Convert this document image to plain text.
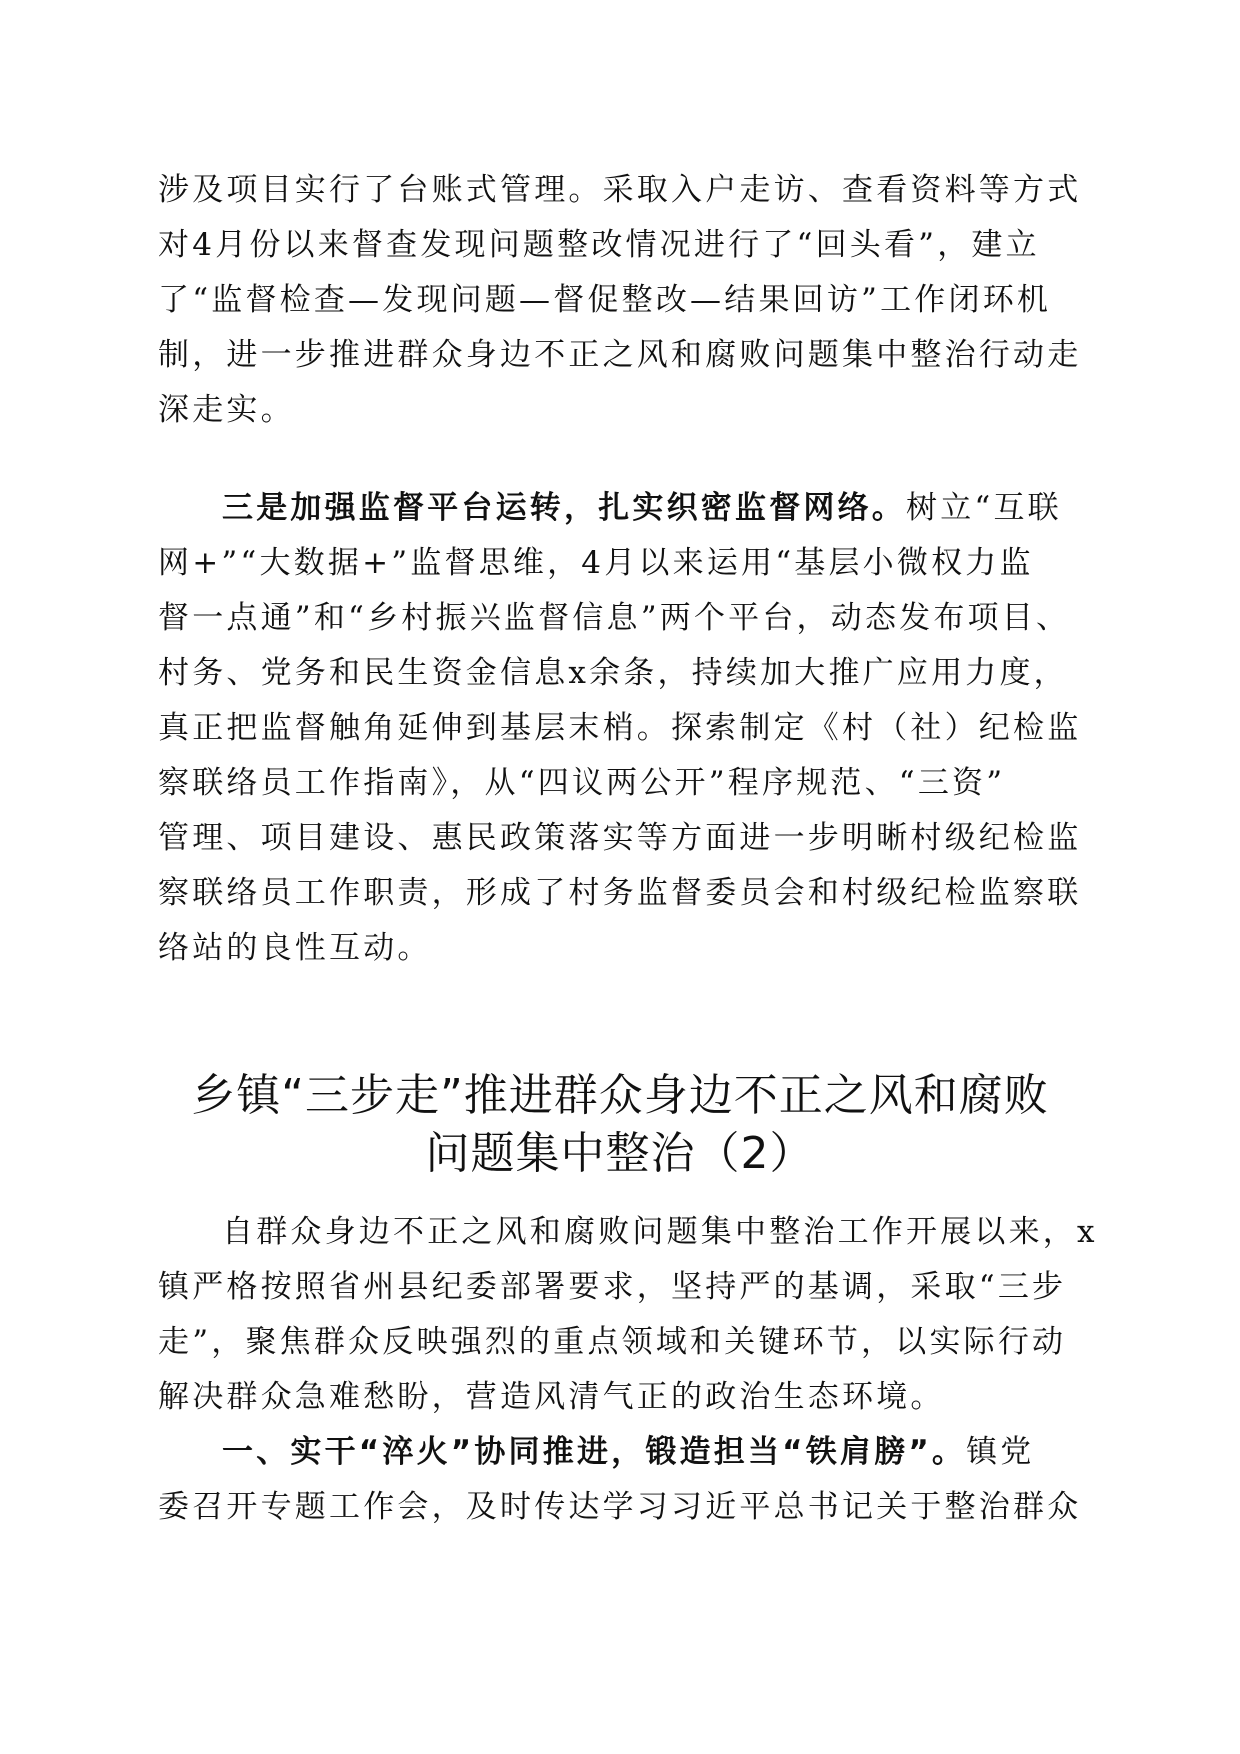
涉及项目实行了台账式管理。采取入户走访、查看资料等方式
对4月份以来督查发现问题整改情况进行了“回头看”，建立
了“监督检查—发现问题—督促整改—结果回访”工作闭环机
制，进一步推进群众身边不正之风和腐败问题集中整治行动走
深走实。
三是加强监督平台运转，扎实织密监督网络。树立“互联
网+”“大数据+”监督思维，4月以来运用“基层小微权力监
督一点通”和“乡村振兴监督信息”两个平台，动态发布项目、
村务、党务和民生资金信息x余条，持续加大推广应用力度，
真正把监督触角延伸到基层末梢。探索制定《村（社）纪检监
察联络员工作指南》，从“四议两公开”程序规范、“三资”
管理、项目建设、惠民政策落实等方面进一步明晰村级纪检监
察联络员工作职责，形成了村务监督委员会和村级纪检监察联
络站的良性互动。
乡镇“三步走”推进群众身边不正之风和腐败
问题集中整治（2）
自群众身边不正之风和腐败问题集中整治工作开展以来，x
镇严格按照省州县纪委部署要求，坚持严的基调，采取“三步
走”，聚焦群众反映强烈的重点领域和关键环节，以实际行动
解决群众急难愁盼，营造风清气正的政治生态环境。
一、实干“淬火”协同推进，锻造担当“铁肩膀”。镇党
委召开专题工作会，及时传达学习习近平总书记关于整治群众
